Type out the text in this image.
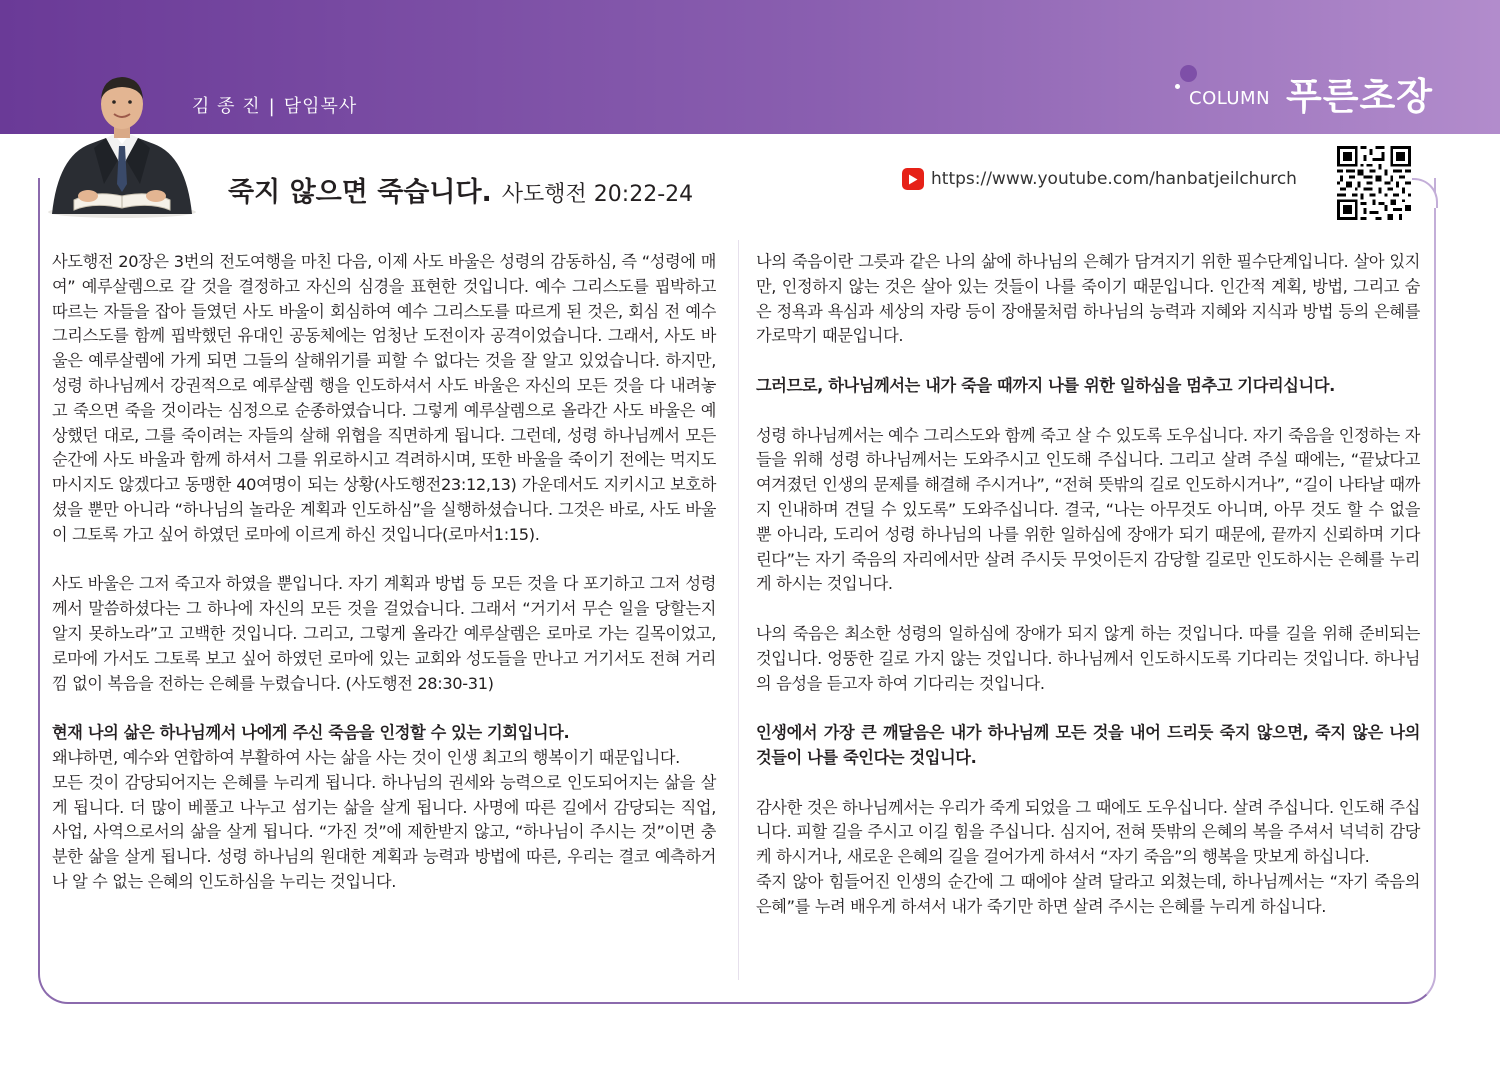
김 종 진 | 담임목사	COLUMN 푸른초장
죽지 않으면 죽습니다. 사도행전 20:22-24
https://www.youtube.com/hanbatjeilchurch

사도행전 20장은 3번의 전도여행을 마친 다음, 이제 사도 바울은 성령의 감동하심, 즉 “성령에 매여” 예루살렘으로 갈 것을 결정하고 자신의 심경을 표현한 것입니다. 예수 그리스도를 핍박하고 따르는 자들을 잡아 들였던 사도 바울이 회심하여 예수 그리스도를 따르게 된 것은, 회심 전 예수 그리스도를 함께 핍박했던 유대인 공동체에는 엄청난 도전이자 공격이었습니다. 그래서, 사도 바울은 예루살렘에 가게 되면 그들의 살해위기를 피할 수 없다는 것을 잘 알고 있었습니다. 하지만, 성령 하나님께서 강권적으로 예루살렘 행을 인도하셔서 사도 바울은 자신의 모든 것을 다 내려놓고 죽으면 죽을 것이라는 심정으로 순종하였습니다. 그렇게 예루살렘으로 올라간 사도 바울은 예상했던 대로, 그를 죽이려는 자들의 살해 위협을 직면하게 됩니다. 그런데, 성령 하나님께서 모든 순간에 사도 바울과 함께 하셔서 그를 위로하시고 격려하시며, 또한 바울을 죽이기 전에는 먹지도 마시지도 않겠다고 동맹한 40여명이 되는 상황(사도행전23:12,13) 가운데서도 지키시고 보호하셨을 뿐만 아니라 “하나님의 놀라운 계획과 인도하심”을 실행하셨습니다. 그것은 바로, 사도 바울이 그토록 가고 싶어 하였던 로마에 이르게 하신 것입니다(로마서1:15).

사도 바울은 그저 죽고자 하였을 뿐입니다. 자기 계획과 방법 등 모든 것을 다 포기하고 그저 성령께서 말씀하셨다는 그 하나에 자신의 모든 것을 걸었습니다. 그래서 “거기서 무슨 일을 당할는지 알지 못하노라”고 고백한 것입니다. 그리고, 그렇게 올라간 예루살렘은 로마로 가는 길목이었고, 로마에 가서도 그토록 보고 싶어 하였던 로마에 있는 교회와 성도들을 만나고 거기서도 전혀 거리낌 없이 복음을 전하는 은혜를 누렸습니다. (사도행전 28:30-31)

현재 나의 삶은 하나님께서 나에게 주신 죽음을 인정할 수 있는 기회입니다.

왜냐하면, 예수와 연합하여 부활하여 사는 삶을 사는 것이 인생 최고의 행복이기 때문입니다.

모든 것이 감당되어지는 은혜를 누리게 됩니다. 하나님의 권세와 능력으로 인도되어지는 삶을 살게 됩니다. 더 많이 베풀고 나누고 섬기는 삶을 살게 됩니다. 사명에 따른 길에서 감당되는 직업, 사업, 사역으로서의 삶을 살게 됩니다. “가진 것”에 제한받지 않고, “하나님이 주시는 것”이면 충분한 삶을 살게 됩니다. 성령 하나님의 원대한 계획과 능력과 방법에 따른, 우리는 결코 예측하거나 알 수 없는 은혜의 인도하심을 누리는 것입니다.

나의 죽음이란 그릇과 같은 나의 삶에 하나님의 은혜가 담겨지기 위한 필수단계입니다. 살아 있지만, 인정하지 않는 것은 살아 있는 것들이 나를 죽이기 때문입니다. 인간적 계획, 방법, 그리고 숨은 정욕과 욕심과 세상의 자랑 등이 장애물처럼 하나님의 능력과 지혜와 지식과 방법 등의 은혜를 가로막기 때문입니다.

그러므로, 하나님께서는 내가 죽을 때까지 나를 위한 일하심을 멈추고 기다리십니다.

성령 하나님께서는 예수 그리스도와 함께 죽고 살 수 있도록 도우십니다. 자기 죽음을 인정하는 자들을 위해 성령 하나님께서는 도와주시고 인도해 주십니다. 그리고 살려 주실 때에는, “끝났다고 여겨졌던 인생의 문제를 해결해 주시거나”, “전혀 뜻밖의 길로 인도하시거나”, “길이 나타날 때까지 인내하며 견딜 수 있도록” 도와주십니다. 결국, “나는 아무것도 아니며, 아무 것도 할 수 없을 뿐 아니라, 도리어 성령 하나님의 나를 위한 일하심에 장애가 되기 때문에, 끝까지 신뢰하며 기다린다”는 자기 죽음의 자리에서만 살려 주시듯 무엇이든지 감당할 길로만 인도하시는 은혜를 누리게 하시는 것입니다.

나의 죽음은 최소한 성령의 일하심에 장애가 되지 않게 하는 것입니다. 따를 길을 위해 준비되는 것입니다. 엉뚱한 길로 가지 않는 것입니다. 하나님께서 인도하시도록 기다리는 것입니다. 하나님의 음성을 듣고자 하여 기다리는 것입니다.

인생에서 가장 큰 깨달음은 내가 하나님께 모든 것을 내어 드리듯 죽지 않으면, 죽지 않은 나의 것들이 나를 죽인다는 것입니다.

감사한 것은 하나님께서는 우리가 죽게 되었을 그 때에도 도우십니다. 살려 주십니다. 인도해 주십니다. 피할 길을 주시고 이길 힘을 주십니다. 심지어, 전혀 뜻밖의 은혜의 복을 주셔서 넉넉히 감당케 하시거나, 새로운 은혜의 길을 걸어가게 하셔서 “자기 죽음”의 행복을 맛보게 하십니다.

죽지 않아 힘들어진 인생의 순간에 그 때에야 살려 달라고 외쳤는데, 하나님께서는 “자기 죽음의 은혜”를 누려 배우게 하셔서 내가 죽기만 하면 살려 주시는 은혜를 누리게 하십니다.
